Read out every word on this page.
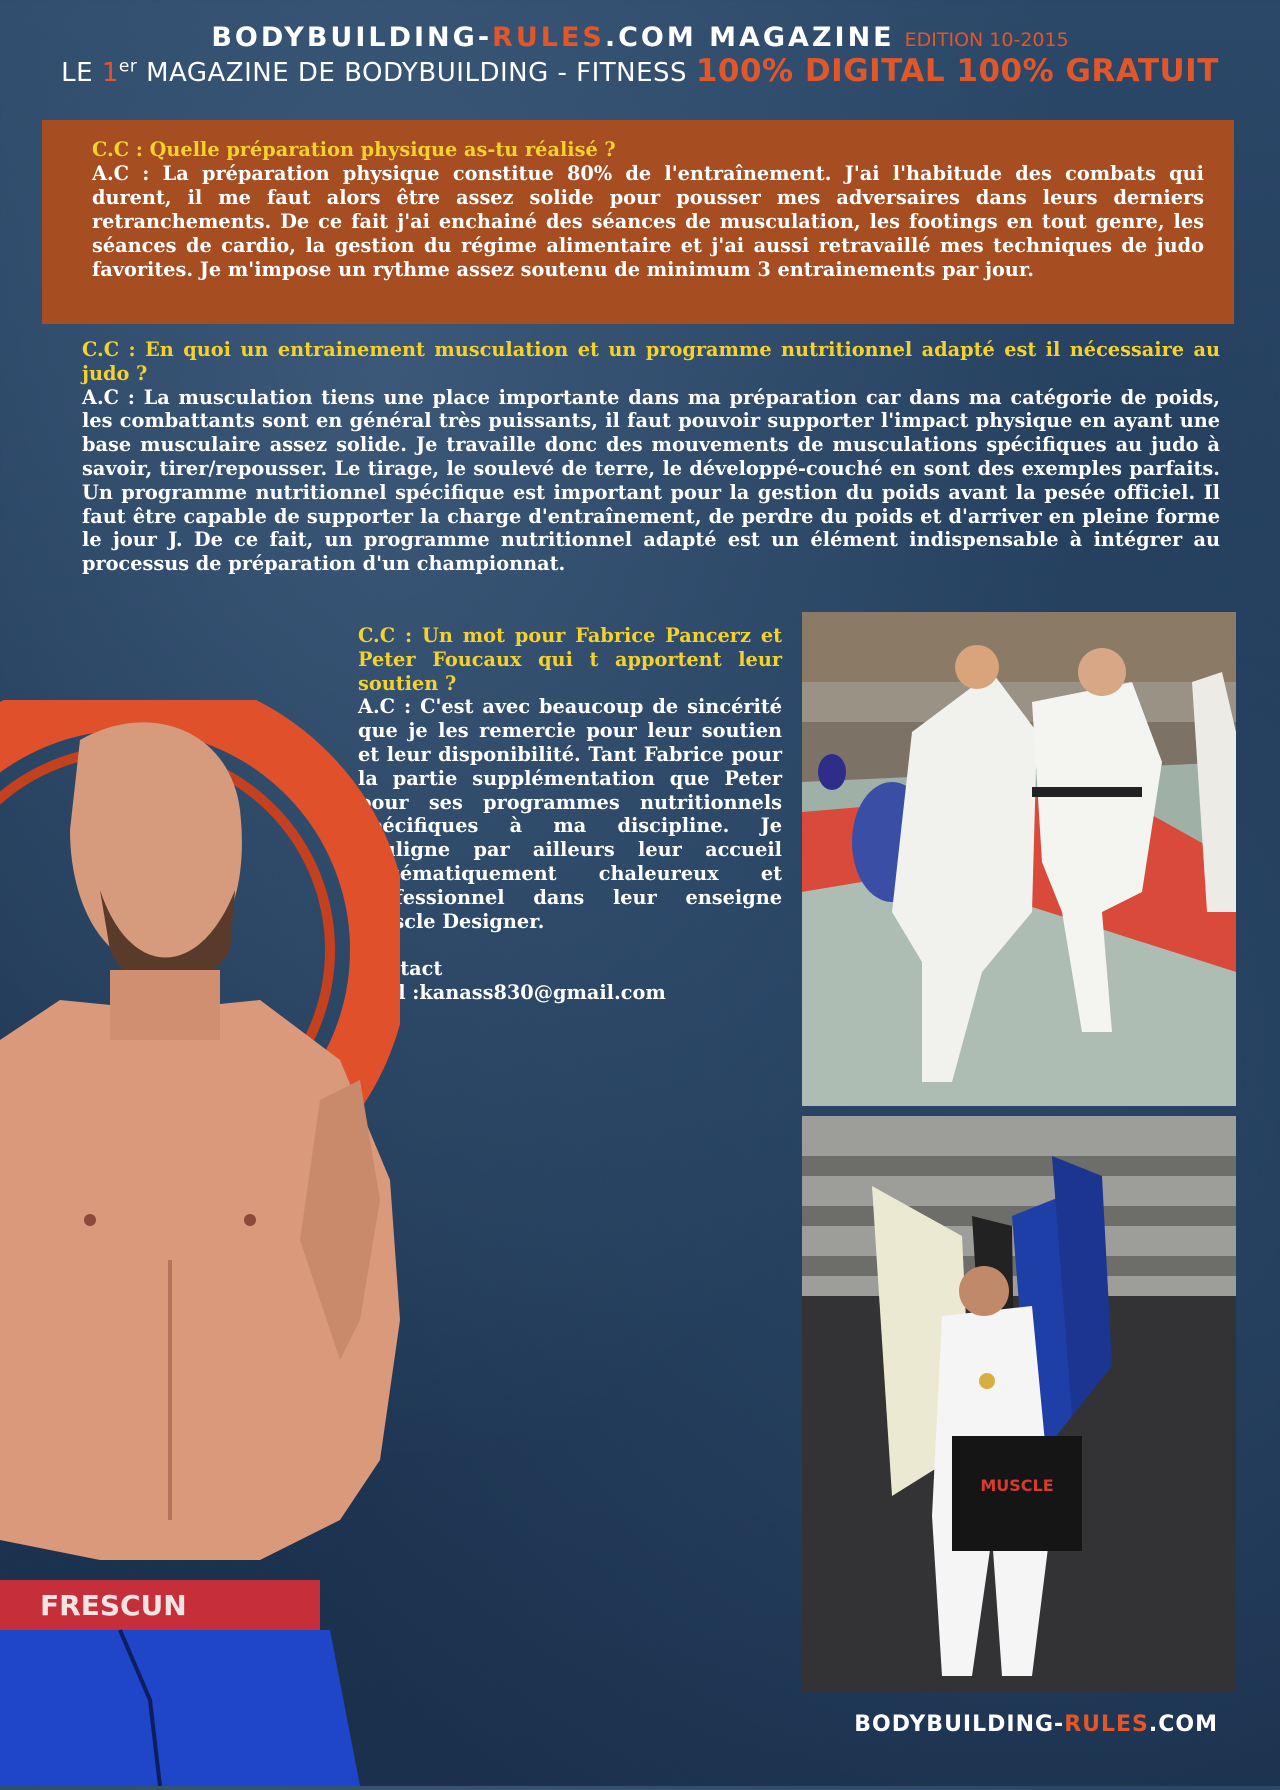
BODYBUILDING-RULES.COM MAGAZINE EDITION 10-2015
LE 1er MAGAZINE DE BODYBUILDING - FITNESS 100% DIGITAL 100% GRATUIT

C.C : Quelle préparation physique as-tu réalisé ?
A.C : La préparation physique constitue 80% de l'entraînement. J'ai l'habitude des combats qui durent, il me faut alors être assez solide pour pousser mes adversaires dans leurs derniers retranchements. De ce fait j'ai enchainé des séances de musculation, les footings en tout genre, les séances de cardio, la gestion du régime alimentaire et j'ai aussi retravaillé mes techniques de judo favorites. Je m'impose un rythme assez soutenu de minimum 3 entrainements par jour.

C.C : En quoi un entrainement musculation et un programme nutritionnel adapté est il nécessaire au judo ?
A.C : La musculation tiens une place importante dans ma préparation car dans ma catégorie de poids, les combattants sont en général très puissants, il faut pouvoir supporter l'impact physique en ayant une base musculaire assez solide. Je travaille donc des mouvements de musculations spécifiques au judo à savoir, tirer/repousser. Le tirage, le soulevé de terre, le développé-couché en sont des exemples parfaits. Un programme nutritionnel spécifique est important pour la gestion du poids avant la pesée officiel. Il faut être capable de supporter la charge d'entraînement, de perdre du poids et d'arriver en pleine forme le jour J. De ce fait, un programme nutritionnel adapté est un élément indispensable à intégrer au processus de préparation d'un championnat.

C.C : Un mot pour Fabrice Pancerz et Peter Foucaux qui t apportent leur soutien ?
A.C : C'est avec beaucoup de sincérité que je les remercie pour leur soutien et leur disponibilité. Tant Fabrice pour la partie supplémentation que Peter pour ses programmes nutritionnels spécifiques à ma discipline. Je souligne par ailleurs leur accueil systématiquement chaleureux et professionnel dans leur enseigne Muscle Designer.

Contact
mail :kanass830@gmail.com

MUSCLE
FRESCUN
BODYBUILDING-RULES.COM
